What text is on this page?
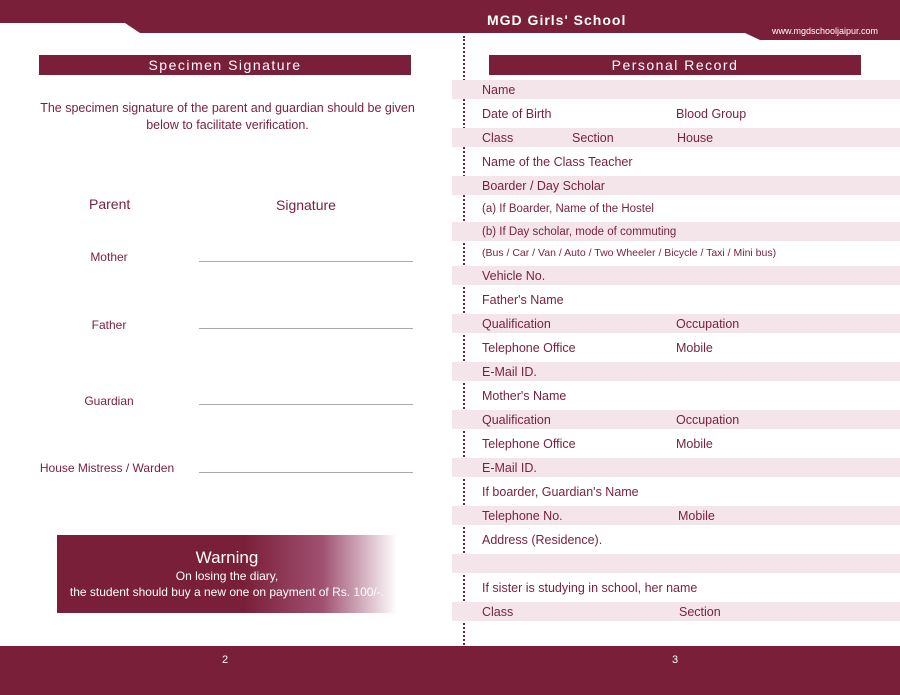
MGD Girls' School
www.mgdschooljaipur.com
Specimen Signature
The specimen signature of the parent and guardian should be given below to facilitate verification.
Parent	Signature
Mother
Father
Guardian
House Mistress / Warden
Warning
On losing the diary,
the student should buy a new one on payment of Rs. 100/-.
Personal Record
Name
Date of Birth	Blood Group
Class	Section	House
Name of the Class Teacher
Boarder / Day Scholar
(a) If Boarder, Name of the Hostel
(b) If Day scholar, mode of commuting
(Bus / Car / Van / Auto / Two Wheeler / Bicycle / Taxi / Mini bus)
Vehicle No.
Father's Name
Qualification	Occupation
Telephone Office	Mobile
E-Mail ID.
Mother's Name
Qualification	Occupation
Telephone Office	Mobile
E-Mail ID.
If boarder, Guardian's Name
Telephone No.	Mobile
Address (Residence).
If sister is studying in school, her name
Class	Section
2	3
